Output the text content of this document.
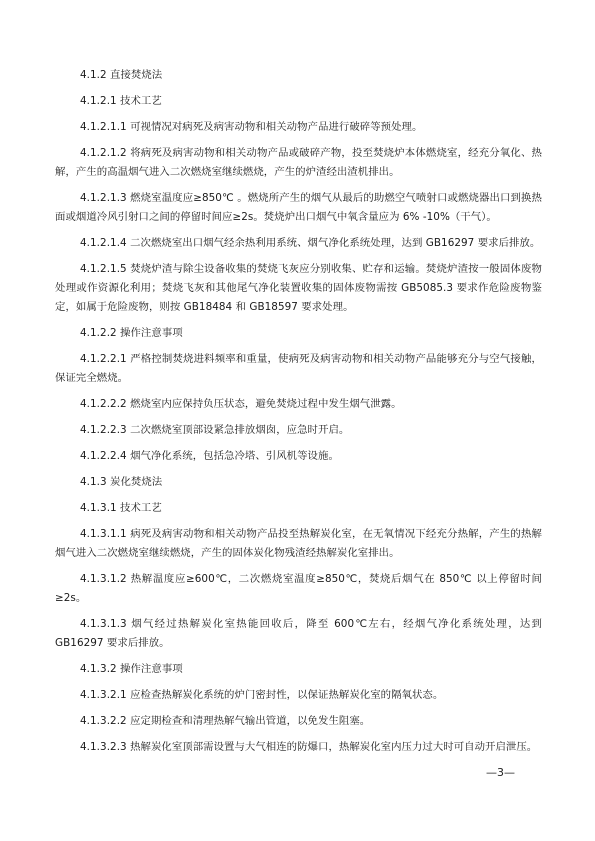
4.1.2 直接焚烧法

4.1.2.1 技术工艺

4.1.2.1.1 可视情况对病死及病害动物和相关动物产品进行破碎等预处理。

4.1.2.1.2 将病死及病害动物和相关动物产品或破碎产物，投至焚烧炉本体燃烧室，经充分氧化、热解，产生的高温烟气进入二次燃烧室继续燃烧，产生的炉渣经出渣机排出。

4.1.2.1.3 燃烧室温度应≥850℃ 。燃烧所产生的烟气从最后的助燃空气喷射口或燃烧器出口到换热面或烟道冷风引射口之间的停留时间应≥2s。焚烧炉出口烟气中氧含量应为 6% -10%（干气）。

4.1.2.1.4 二次燃烧室出口烟气经余热利用系统、烟气净化系统处理，达到 GB16297 要求后排放。

4.1.2.1.5 焚烧炉渣与除尘设备收集的焚烧飞灰应分别收集、贮存和运输。焚烧炉渣按一般固体废物处理或作资源化利用；焚烧飞灰和其他尾气净化装置收集的固体废物需按 GB5085.3 要求作危险废物鉴定，如属于危险废物，则按 GB18484 和 GB18597 要求处理。

4.1.2.2 操作注意事项

4.1.2.2.1 严格控制焚烧进料频率和重量，使病死及病害动物和相关动物产品能够充分与空气接触，保证完全燃烧。

4.1.2.2.2 燃烧室内应保持负压状态，避免焚烧过程中发生烟气泄露。

4.1.2.2.3 二次燃烧室顶部设紧急排放烟囱，应急时开启。

4.1.2.2.4 烟气净化系统，包括急冷塔、引风机等设施。

4.1.3 炭化焚烧法

4.1.3.1 技术工艺

4.1.3.1.1 病死及病害动物和相关动物产品投至热解炭化室，在无氧情况下经充分热解，产生的热解烟气进入二次燃烧室继续燃烧，产生的固体炭化物残渣经热解炭化室排出。

4.1.3.1.2 热解温度应≥600℃，二次燃烧室温度≥850℃，焚烧后烟气在 850℃ 以上停留时间≥2s。

4.1.3.1.3 烟气经过热解炭化室热能回收后，降至 600℃左右，经烟气净化系统处理，达到 GB16297 要求后排放。

4.1.3.2 操作注意事项

4.1.3.2.1 应检查热解炭化系统的炉门密封性，以保证热解炭化室的隔氧状态。

4.1.3.2.2 应定期检查和清理热解气输出管道，以免发生阻塞。

4.1.3.2.3 热解炭化室顶部需设置与大气相连的防爆口，热解炭化室内压力过大时可自动开启泄压。

—3—
